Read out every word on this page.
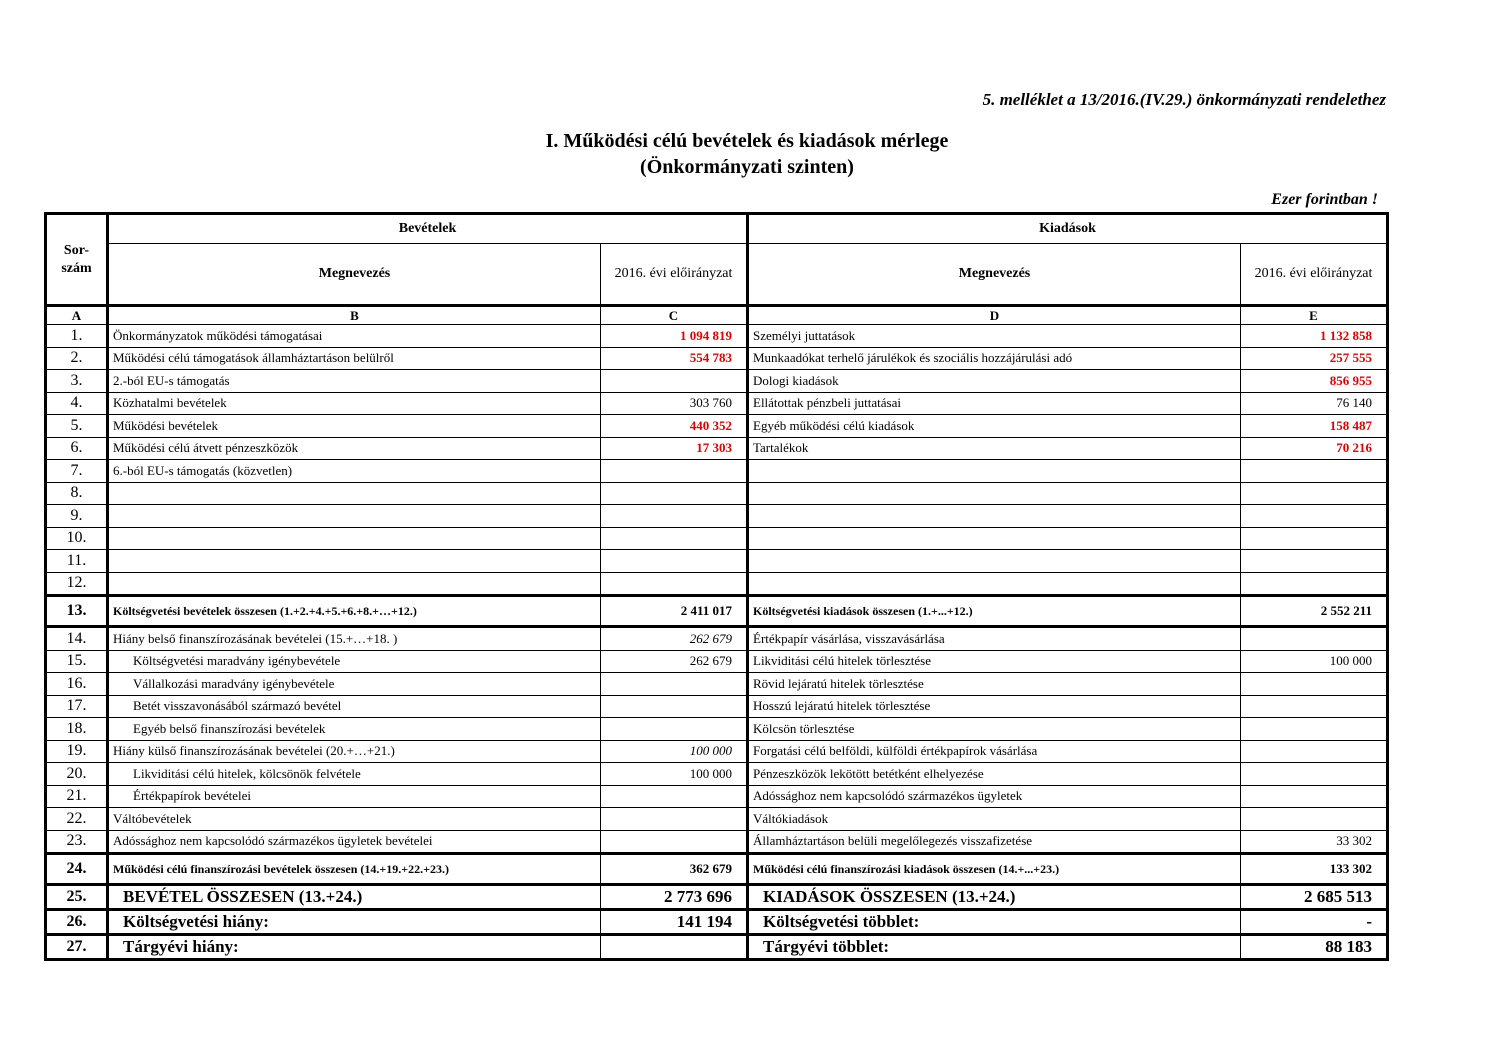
5. melléklet a 13/2016.(IV.29.) önkormányzati rendelethez
I. Működési célú bevételek és kiadások mérlege
(Önkormányzati szinten)
Ezer forintban !
Sor-
szám	Bevételek		Kiadások	
	Megnevezés	2016. évi előirányzat	Megnevezés	2016. évi előirányzat
A	B	C	D	E
1.	Önkormányzatok működési támogatásai	1 094 819	Személyi juttatások	1 132 858
2.	Működési célú támogatások államháztartáson belülről	554 783	Munkaadókat terhelő járulékok és szociális hozzájárulási adó	257 555
3.	2.-ból EU-s támogatás		Dologi kiadások	856 955
4.	Közhatalmi bevételek	303 760	Ellátottak pénzbeli juttatásai	76 140
5.	Működési bevételek	440 352	Egyéb működési célú kiadások	158 487
6.	Működési célú átvett pénzeszközök	17 303	Tartalékok	70 216
7.	6.-ból EU-s támogatás (közvetlen)			
8.				
9.				
10.				
11.				
12.				
13.	Költségvetési bevételek összesen (1.+2.+4.+5.+6.+8.+…+12.)	2 411 017	Költségvetési kiadások összesen (1.+...+12.)	2 552 211
14.	Hiány belső finanszírozásának bevételei (15.+…+18. )	262 679	Értékpapír vásárlása, visszavásárlása	
15.	Költségvetési maradvány igénybevétele	262 679	Likviditási célú hitelek törlesztése	100 000
16.	Vállalkozási maradvány igénybevétele		Rövid lejáratú hitelek törlesztése	
17.	Betét visszavonásából származó bevétel		Hosszú lejáratú hitelek törlesztése	
18.	Egyéb belső finanszírozási bevételek		Kölcsön törlesztése	
19.	Hiány külső finanszírozásának bevételei (20.+…+21.)	100 000	Forgatási célú belföldi, külföldi értékpapírok vásárlása	
20.	Likviditási célú hitelek, kölcsönök felvétele	100 000	Pénzeszközök lekötött betétként elhelyezése	
21.	Értékpapírok bevételei		Adóssághoz nem kapcsolódó származékos ügyletek	
22.	Váltóbevételek		Váltókiadások	
23.	Adóssághoz nem kapcsolódó származékos ügyletek bevételei		Államháztartáson belüli megelőlegezés visszafizetése	33 302
24.	Működési célú finanszírozási bevételek összesen (14.+19.+22.+23.)	362 679	Működési célú finanszírozási kiadások összesen (14.+...+23.)	133 302
25.	BEVÉTEL ÖSSZESEN (13.+24.)	2 773 696	KIADÁSOK ÖSSZESEN (13.+24.)	2 685 513
26.	Költségvetési hiány:	141 194	Költségvetési többlet:	-
27.	Tárgyévi hiány:		Tárgyévi többlet:	88 183
